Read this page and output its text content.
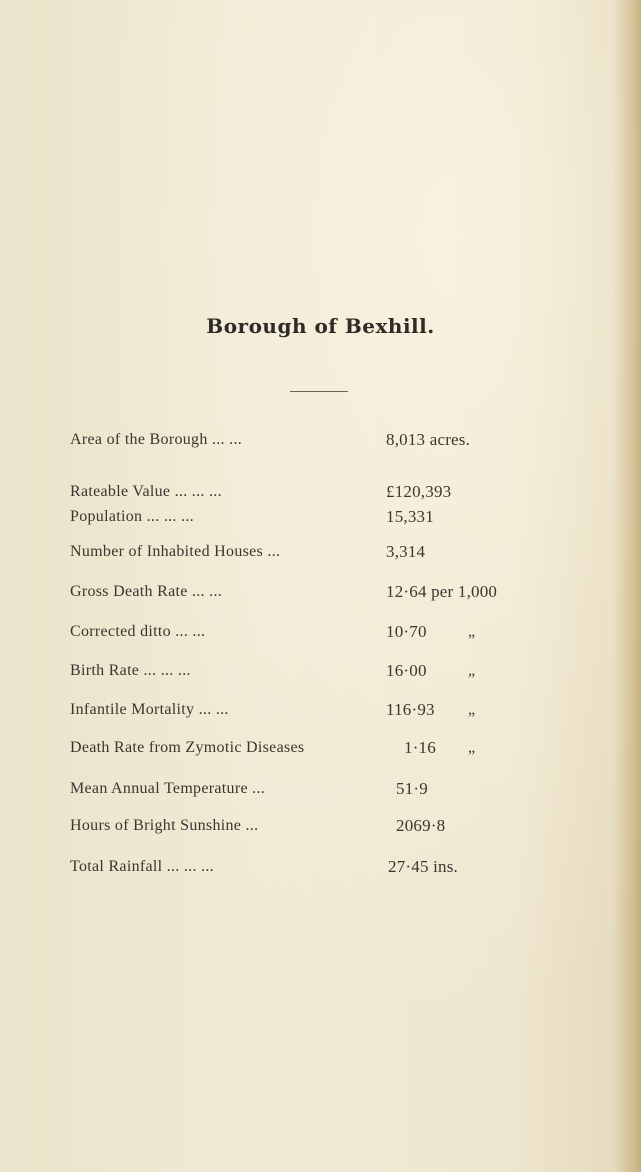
Borough of Bexhill.
Area of the Borough ... ...	8,013 acres.
Rateable Value ... ... ...	£120,393
Population ... ... ...	15,331
Number of Inhabited Houses ...	3,314
Gross Death Rate ... ...	12·64 per 1,000
Corrected ditto ... ...	10·70	„
Birth Rate ... ... ...	16·00	„
Infantile Mortality ... ...	116·93 „
Death Rate from Zymotic Diseases	1·16 „
Mean Annual Temperature ...	51·9
Hours of Bright Sunshine ...	2069·8
Total Rainfall ... ... ...	27·45 ins.
